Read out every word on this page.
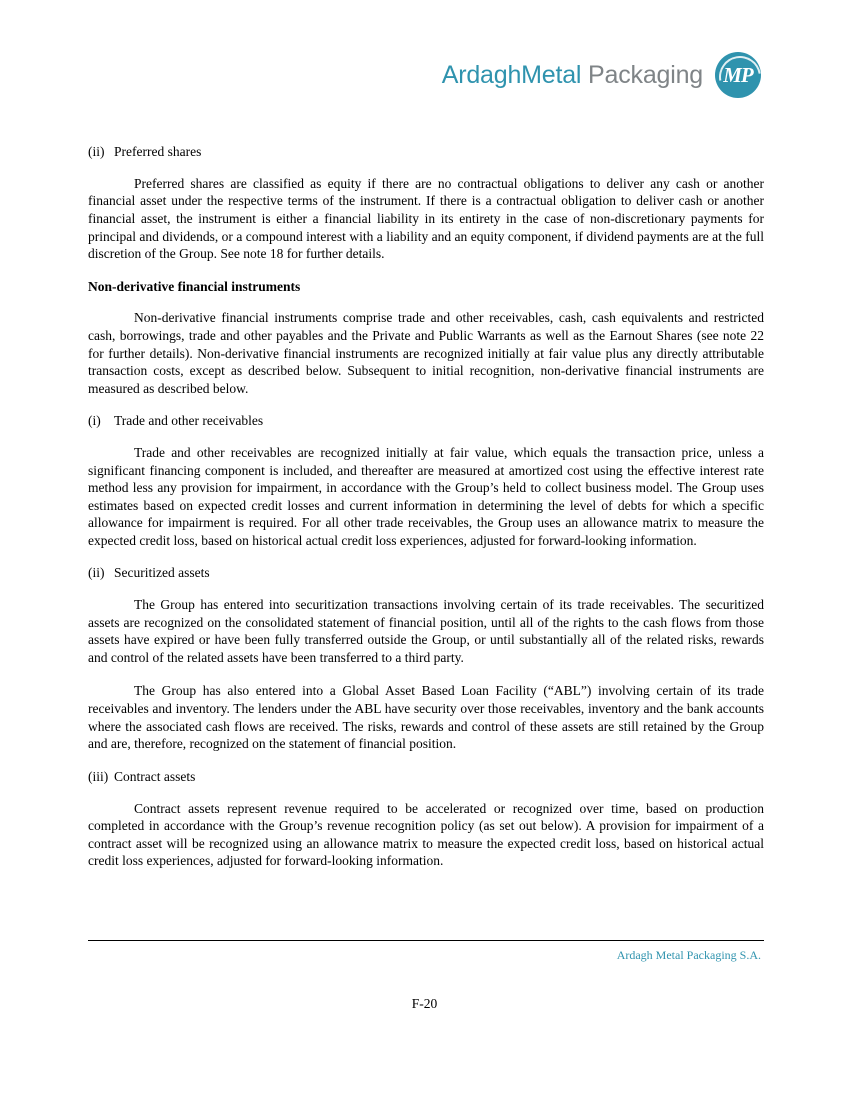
ArdaghMetal Packaging MP
(ii) Preferred shares

Preferred shares are classified as equity if there are no contractual obligations to deliver any cash or another financial asset under the respective terms of the instrument. If there is a contractual obligation to deliver cash or another financial asset, the instrument is either a financial liability in its entirety in the case of non-discretionary payments for principal and dividends, or a compound interest with a liability and an equity component, if dividend payments are at the full discretion of the Group. See note 18 for further details.

Non-derivative financial instruments

Non-derivative financial instruments comprise trade and other receivables, cash, cash equivalents and restricted cash, borrowings, trade and other payables and the Private and Public Warrants as well as the Earnout Shares (see note 22 for further details). Non-derivative financial instruments are recognized initially at fair value plus any directly attributable transaction costs, except as described below. Subsequent to initial recognition, non-derivative financial instruments are measured as described below.

(i) Trade and other receivables

Trade and other receivables are recognized initially at fair value, which equals the transaction price, unless a significant financing component is included, and thereafter are measured at amortized cost using the effective interest rate method less any provision for impairment, in accordance with the Group’s held to collect business model. The Group uses estimates based on expected credit losses and current information in determining the level of debts for which a specific allowance for impairment is required. For all other trade receivables, the Group uses an allowance matrix to measure the expected credit loss, based on historical actual credit loss experiences, adjusted for forward-looking information.

(ii) Securitized assets

The Group has entered into securitization transactions involving certain of its trade receivables. The securitized assets are recognized on the consolidated statement of financial position, until all of the rights to the cash flows from those assets have expired or have been fully transferred outside the Group, or until substantially all of the related risks, rewards and control of the related assets have been transferred to a third party.

The Group has also entered into a Global Asset Based Loan Facility (“ABL”) involving certain of its trade receivables and inventory. The lenders under the ABL have security over those receivables, inventory and the bank accounts where the associated cash flows are received. The risks, rewards and control of these assets are still retained by the Group and are, therefore, recognized on the statement of financial position.

(iii) Contract assets

Contract assets represent revenue required to be accelerated or recognized over time, based on production completed in accordance with the Group’s revenue recognition policy (as set out below). A provision for impairment of a contract asset will be recognized using an allowance matrix to measure the expected credit loss, based on historical actual credit loss experiences, adjusted for forward-looking information.

Ardagh Metal Packaging S.A.
F-20
